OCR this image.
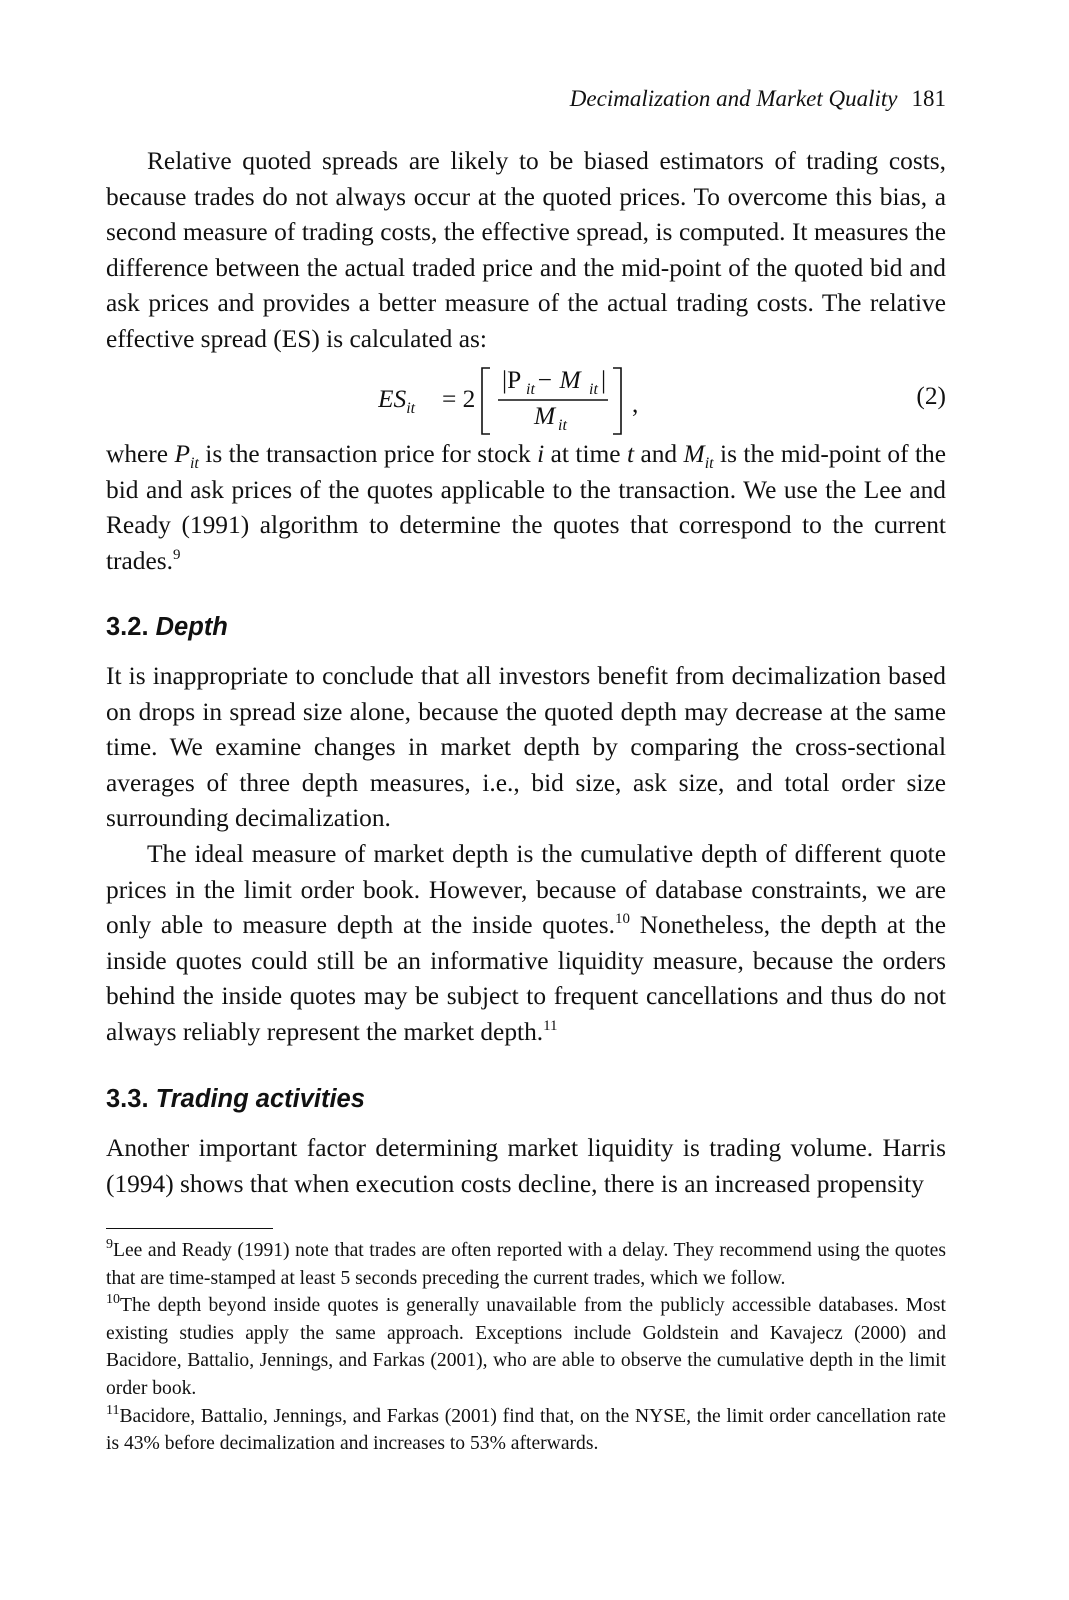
Decimalization and Market Quality 181

Relative quoted spreads are likely to be biased estimators of trading costs, because trades do not always occur at the quoted prices. To overcome this bias, a second measure of trading costs, the effective spread, is computed. It measures the difference between the actual traded price and the mid-point of the quoted bid and ask prices and provides a better measure of the actual trading costs. The relative effective spread (ES) is calculated as:

$ES_{it} = 2$
|P it − M it |
M it
,	(2)

where $P_{it}$ is the transaction price for stock i at time t and $M_{it}$ is the mid-point of the bid and ask prices of the quotes applicable to the transaction. We use the Lee and Ready (1991) algorithm to determine the quotes that correspond to the current trades.$^9$

3.2. Depth

It is inappropriate to conclude that all investors benefit from decimalization based on drops in spread size alone, because the quoted depth may decrease at the same time. We examine changes in market depth by comparing the cross-sectional averages of three depth measures, i.e., bid size, ask size, and total order size surrounding decimalization.

The ideal measure of market depth is the cumulative depth of different quote prices in the limit order book. However, because of database constraints, we are only able to measure depth at the inside quotes.$^{10}$ Nonetheless, the depth at the inside quotes could still be an informative liquidity measure, because the orders behind the inside quotes may be subject to frequent cancellations and thus do not always reliably represent the market depth.$^{11}$

3.3. Trading activities

Another important factor determining market liquidity is trading volume. Harris (1994) shows that when execution costs decline, there is an increased propensity

$^9$Lee and Ready (1991) note that trades are often reported with a delay. They recommend using the quotes that are time-stamped at least 5 seconds preceding the current trades, which we follow.

$^{10}$The depth beyond inside quotes is generally unavailable from the publicly accessible databases. Most existing studies apply the same approach. Exceptions include Goldstein and Kavajecz (2000) and Bacidore, Battalio, Jennings, and Farkas (2001), who are able to observe the cumulative depth in the limit order book.

$^{11}$Bacidore, Battalio, Jennings, and Farkas (2001) find that, on the NYSE, the limit order cancellation rate is 43% before decimalization and increases to 53% afterwards.
